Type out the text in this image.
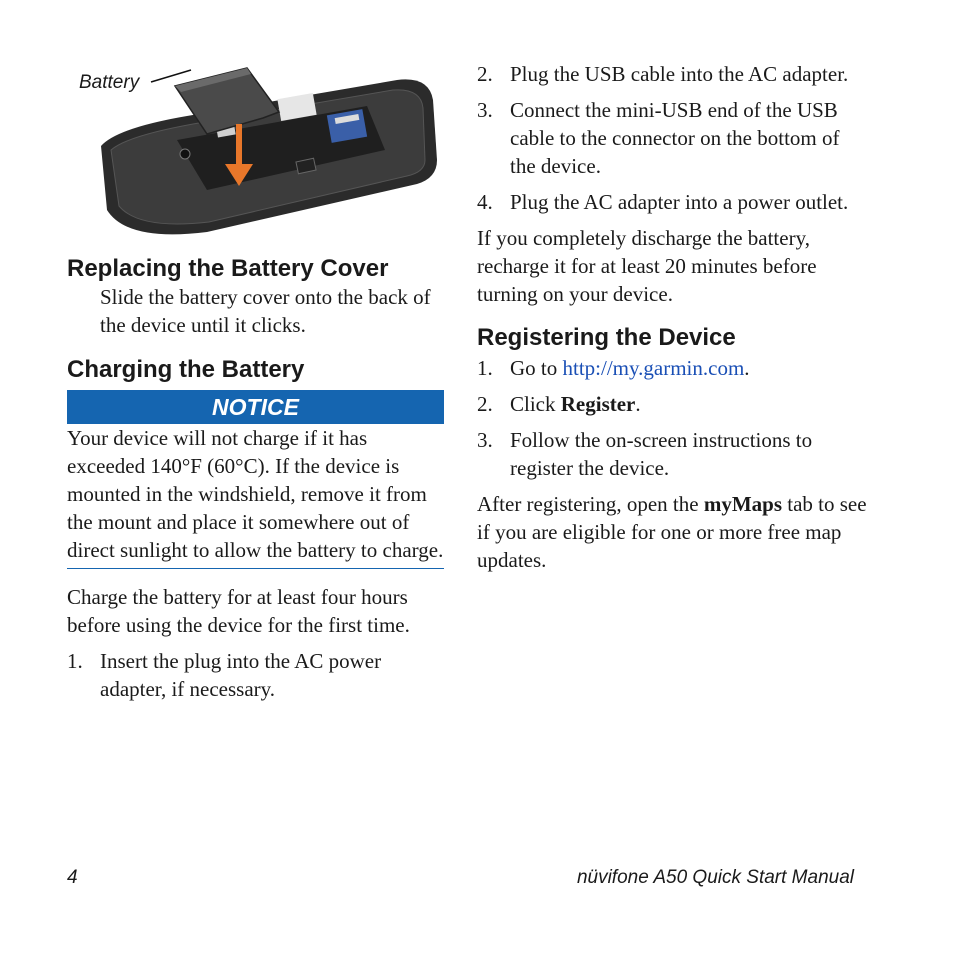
Battery
Replacing the Battery Cover

Slide the battery cover onto the back of the device until it clicks.

Charging the Battery
NOTICE

Your device will not charge if it has exceeded 140°F (60°C). If the device is mounted in the windshield, remove it from the mount and place it somewhere out of direct sunlight to allow the battery to charge.

Charge the battery for at least four hours before using the device for the first time.

1. Insert the plug into the AC power adapter, if necessary.
2. Plug the USB cable into the AC adapter.
3. Connect the mini-USB end of the USB cable to the connector on the bottom of the device.
4. Plug the AC adapter into a power outlet.

If you completely discharge the battery, recharge it for at least 20 minutes before turning on your device.

Registering the Device
1. Go to http://my.garmin.com.
2. Click Register.
3. Follow the on-screen instructions to register the device.

After registering, open the myMaps tab to see if you are eligible for one or more free map updates.

4	nüvifone A50 Quick Start Manual
